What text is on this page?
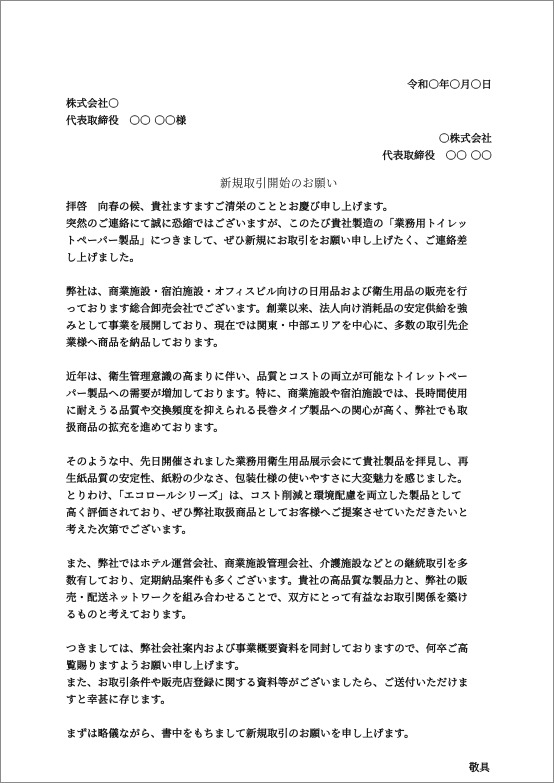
令和〇年〇月〇日
株式会社〇
代表取締役　〇〇 〇〇様
〇株式会社
代表取締役　〇〇 〇〇
新規取引開始のお願い
拝啓　向春の候、貴社ますますご清栄のこととお慶び申し上げます。
突然のご連絡にて誠に恐縮ではございますが、このたび貴社製造の「業務用トイレッ
トペーパー製品」につきまして、ぜひ新規にお取引をお願い申し上げたく、ご連絡差
し上げました。
弊社は、商業施設・宿泊施設・オフィスビル向けの日用品および衛生用品の販売を行
っております総合卸売会社でございます。創業以来、法人向け消耗品の安定供給を強
みとして事業を展開しており、現在では関東・中部エリアを中心に、多数の取引先企
業様へ商品を納品しております。
近年は、衛生管理意識の高まりに伴い、品質とコストの両立が可能なトイレットペー
パー製品への需要が増加しております。特に、商業施設や宿泊施設では、長時間使用
に耐えうる品質や交換頻度を抑えられる長巻タイプ製品への関心が高く、弊社でも取
扱商品の拡充を進めております。
そのような中、先日開催されました業務用衛生用品展示会にて貴社製品を拝見し、再
生紙品質の安定性、紙粉の少なさ、包装仕様の使いやすさに大変魅力を感じました。
とりわけ、「エコロールシリーズ」は、コスト削減と環境配慮を両立した製品として
高く評価されており、ぜひ弊社取扱商品としてお客様へご提案させていただきたいと
考えた次第でございます。
また、弊社ではホテル運営会社、商業施設管理会社、介護施設などとの継続取引を多
数有しており、定期納品案件も多くございます。貴社の高品質な製品力と、弊社の販
売・配送ネットワークを組み合わせることで、双方にとって有益なお取引関係を築け
るものと考えております。
つきましては、弊社会社案内および事業概要資料を同封しておりますので、何卒ご高
覧賜りますようお願い申し上げます。
また、お取引条件や販売店登録に関する資料等がございましたら、ご送付いただけま
すと幸甚に存じます。
まずは略儀ながら、書中をもちまして新規取引のお願いを申し上げます。
敬具
